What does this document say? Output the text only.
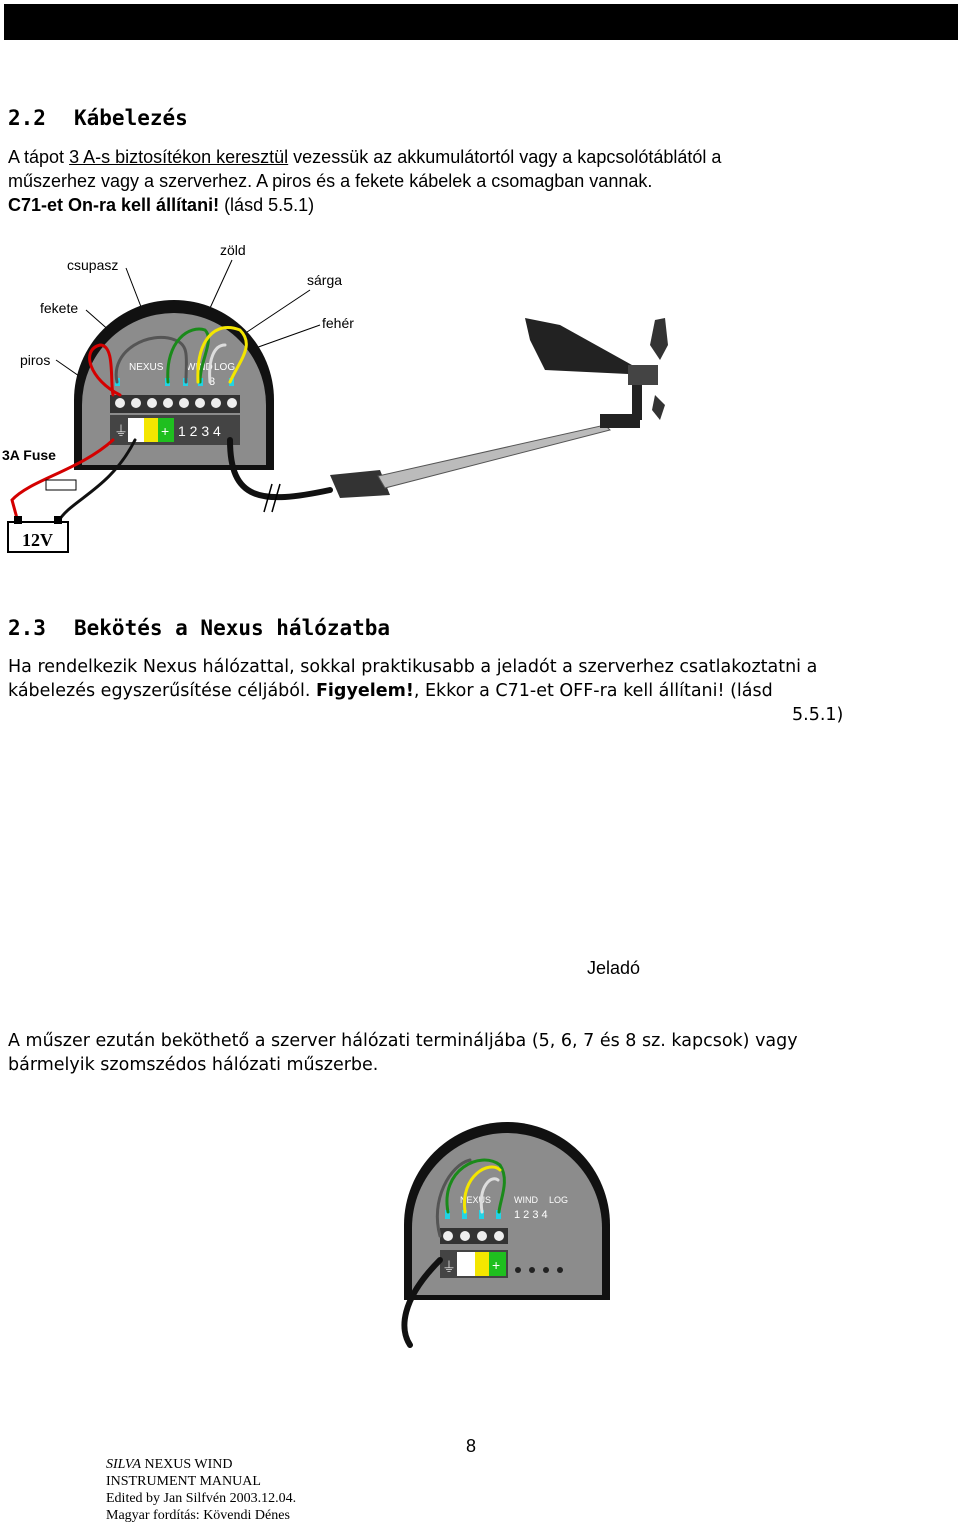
2.2 Kábelezés
A tápot 3 A-s biztosítékon keresztül vezessük az akkumulátortól vagy a kapcsolótáblától a
műszerhez vagy a szerverhez. A piros és a fekete kábelek a csomagban vannak.
C71-et On-ra kell állítani! (lásd 5.5.1)
NEXUS WIND LOG
3
1 2 3 4
⏚ +
12V
csupasz
zöld
sárga
fekete
fehér
piros
3A Fuse
2.3 Bekötés a Nexus hálózatba
Ha rendelkezik Nexus hálózattal, sokkal praktikusabb a jeladót a szerverhez csatlakoztatni a
kábelezés egyszerűsítése céljából. Figyelem!, Ekkor a C71-et OFF-ra kell állítani! (lásd
5.5.1)
Jeladó
A műszer ezután beköthető a szerver hálózati termináljába (5, 6, 7 és 8 sz. kapcsok) vagy
bármelyik szomszédos hálózati műszerbe.
⏚	+
NEXUS	WIND LOG
1 2 3 4
8
SILVA NEXUS WIND
INSTRUMENT MANUAL
Edited by Jan Silfvén 2003.12.04.
Magyar fordítás: Kövendi Dénes
